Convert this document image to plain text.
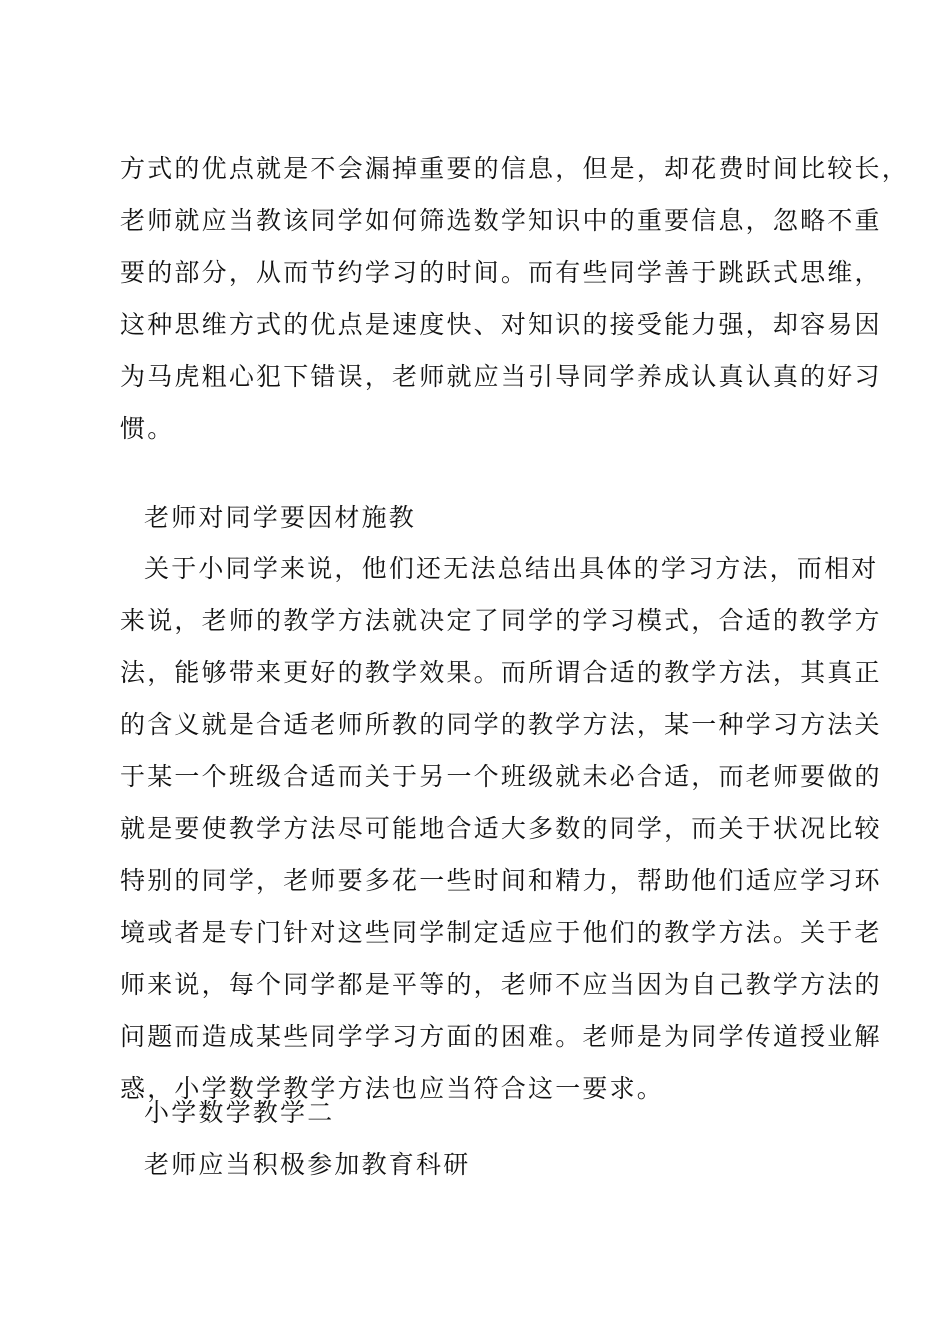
方 式 的 优 点 就 是 不 会 漏 掉 重 要 的 信 息 ， 但 是 ， 却 花 费 时 间 比 较 长 ，
老 师 就 应 当 教 该 同 学 如 何 筛 选 数 学 知 识 中 的 重 要 信 息 ， 忽 略 不 重
要 的 部 分 ， 从 而 节 约 学 习 的 时 间 。 而 有 些 同 学 善 于 跳 跃 式 思 维 ，
这 种 思 维 方 式 的 优 点 是 速 度 快 、 对 知 识 的 接 受 能 力 强 ， 却 容 易 因
为 马 虎 粗 心 犯 下 错 误 ， 老 师 就 应 当 引 导 同 学 养 成 认 真 认 真 的 好 习
惯。
老师对同学要因材施教
关 于 小 同 学 来 说 ， 他 们 还 无 法 总 结 出 具 体 的 学 习 方 法 ， 而 相 对
来 说 ， 老 师 的 教 学 方 法 就 决 定 了 同 学 的 学 习 模 式 ， 合 适 的 教 学 方
法 ， 能 够 带 来 更 好 的 教 学 效 果 。 而 所 谓 合 适 的 教 学 方 法 ， 其 真 正
的 含 义 就 是 合 适 老 师 所 教 的 同 学 的 教 学 方 法 ， 某 一 种 学 习 方 法 关
于 某 一 个 班 级 合 适 而 关 于 另 一 个 班 级 就 未 必 合 适 ， 而 老 师 要 做 的
就 是 要 使 教 学 方 法 尽 可 能 地 合 适 大 多 数 的 同 学 ， 而 关 于 状 况 比 较
特 别 的 同 学 ， 老 师 要 多 花 一 些 时 间 和 精 力 ， 帮 助 他 们 适 应 学 习 环
境 或 者 是 专 门 针 对 这 些 同 学 制 定 适 应 于 他 们 的 教 学 方 法 。 关 于 老
师 来 说 ， 每 个 同 学 都 是 平 等 的 ， 老 师 不 应 当 因 为 自 己 教 学 方 法 的
问 题 而 造 成 某 些 同 学 学 习 方 面 的 困 难 。 老 师 是 为 同 学 传 道 授 业 解
惑，小学数学教学方法也应当符合这一要求。
小学数学教学二
老师应当积极参加教育科研
